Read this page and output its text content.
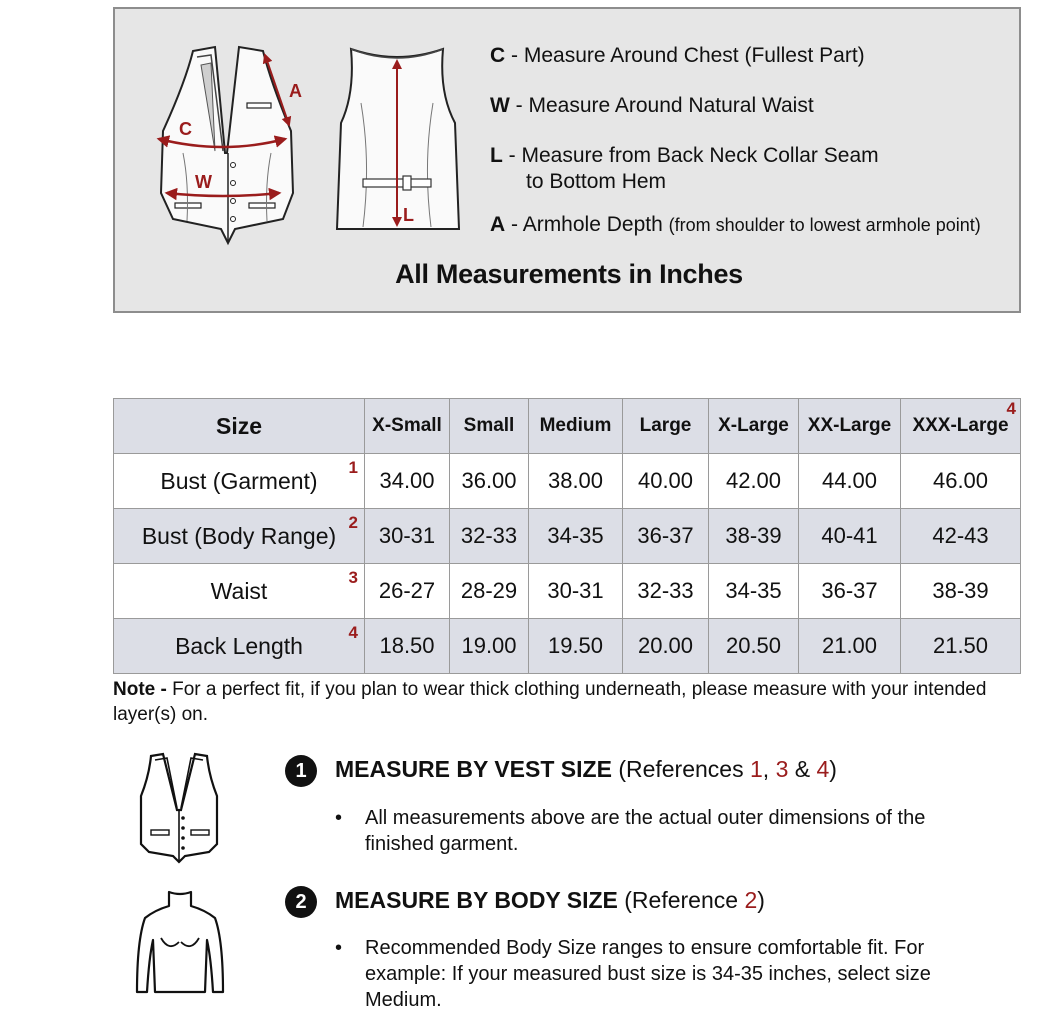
C
W
A
L
C - Measure Around Chest (Fullest Part)
W - Measure Around Natural Waist
L - Measure from Back Neck Collar Seam
to Bottom Hem
A - Armhole Depth (from shoulder to lowest armhole point)
All Measurements in Inches
Size	X-Small	Small	Medium	Large	X-Large	XX-Large	XXX-Large
4

Bust (Garment) 1	34.00	36.00	38.00	40.00	42.00	44.00	46.00
Bust (Body Range) 2	30-31	32-33	34-35	36-37	38-39	40-41	42-43
Waist 3	26-27	28-29	30-31	32-33	34-35	36-37	38-39
Back Length 4	18.50	19.00	19.50	20.00	20.50	21.00	21.50
Note - For a perfect fit, if you plan to wear thick clothing underneath, please measure with your intended layer(s) on.
1	MEASURE BY VEST SIZE (References 1, 3 & 4)
• All measurements above are the actual outer dimensions of the finished garment.
2	MEASURE BY BODY SIZE (Reference 2)
• Recommended Body Size ranges to ensure comfortable fit. For example: If your measured bust size is 34-35 inches, select size Medium.
